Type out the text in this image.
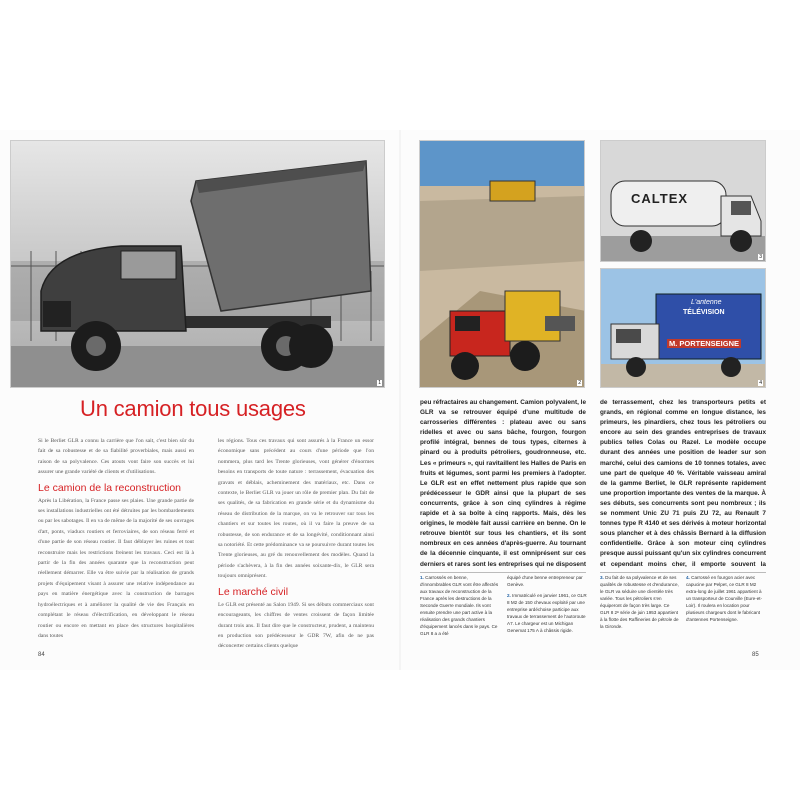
1	2
CALTEX
3
L'antenne
TÉLÉVISION
M. PORTENSEIGNE
4
Un camion tous usages

Si le Berliet GLR a connu la carrière que l'on sait, c'est bien sûr du fait de sa robustesse et de sa fiabilité proverbiales, mais aussi en raison de sa polyvalence. Ces atouts vont faire son succès et lui assurer une grande variété de clients et d'utilisations.

Le camion de la reconstruction

Après la Libération, la France passe ses plaies. Une grande partie de ses installations industrielles ont été détruites par les bombardements ou par les sabotages. Il en va de même de la majorité de ses ouvrages d'art, ponts, viaducs routiers et ferroviaires, de son réseau ferré et d'une partie de son réseau routier. Il faut déblayer les ruines et tout reconstruire mais les restrictions freinent les travaux. Ceci est là à partir de la fin des années quarante que la reconstruction peut réellement démarrer. Elle va être suivie par la réalisation de grands projets d'équipement visant à assurer une relative indépendance au pays en matière énergétique avec la construction de barrages hydroélectriques et à améliorer la qualité de vie des Français en complétant le réseau d'électrification, en développant le réseau routier ou encore en mettant en place des structures hospitalières dans toutes

les régions. Tous ces travaux qui sont assurés à la France un essor économique sans précédent au cours d'une période que l'on nommera, plus tard les Trente glorieuses, vont générer d'énormes besoins en transports de toute nature : terrassement, évacuation des gravats et déblais, acheminement des matériaux, etc. Dans ce contexte, le Berliet GLR va jouer un rôle de premier plan. Du fait de ses qualités, de sa fabrication en grande série et du dynamisme du réseau de distribution de la marque, on va le retrouver sur tous les chantiers et sur toutes les routes, où il va faire la preuve de sa robustesse, de son endurance et de sa longévité, conditionnant ainsi sa notoriété. Et cette prédominance va se poursuivre durant toutes les Trente glorieuses, au gré du renouvellement des modèles. Quand la période s'achèvera, à la fin des années soixante-dix, le GLR sera toujours omniprésent.

Le marché civil

Le GLR est présenté au Salon 1949. Si ses débuts commerciaux sont encourageants, les chiffres de ventes croissent de façon limitée durant trois ans. Il faut dire que le constructeur, prudent, a maintenu en production son prédécesseur le GDR 7W, afin de ne pas déconcerter certains clients quelque

peu réfractaires au changement. Camion polyvalent, le GLR va se retrouver équipé d'une multitude de carrosseries différentes : plateau avec ou sans ridelles et avec ou sans bâche, fourgon, fourgon profilé intégral, bennes de tous types, citernes à pinard ou à produits pétroliers, goudronneuse, etc. Les « primeurs », qui ravitaillent les Halles de Paris en fruits et légumes, sont parmi les premiers à l'adopter. Le GLR est en effet nettement plus rapide que son prédécesseur le GDR ainsi que la plupart de ses concurrents, grâce à son cinq cylindres à régime rapide et à sa boîte à cinq rapports. Mais, dès les origines, le modèle fait aussi carrière en benne. On le retrouve bientôt sur tous les chantiers, et ils sont nombreux en ces années d'après-guerre. Au tournant de la décennie cinquante, il est omniprésent sur ces derniers et rares sont les entreprises qui ne disposent
de terrassement, chez les transporteurs petits et grands, en régional comme en longue distance, les primeurs, les pinardiers, chez tous les pétroliers ou encore au sein des grandes entreprises de travaux publics telles Colas ou Razel. Le modèle occupe durant des années une position de leader sur son marché, celui des camions de 10 tonnes totales, avec une part de quelque 40 %. Véritable vaisseau amiral de la gamme Berliet, le GLR représente rapidement une proportion importante des ventes de la marque. À ses débuts, ses concurrents sont peu nombreux ; ils se nomment Unic ZU 71 puis ZU 72, au Renault 7 tonnes type R 4140 et ses dérivés à moteur horizontal sous plancher et à des châssis Bernard à la diffusion confidentielle. Grâce à son moteur cinq cylindres presque aussi puissant qu'un six cylindres concurrent et cependant moins cher, il emporte souvent la
1. Carrossés en benne, d'innombrables GLR vont être affectés aux travaux de reconstruction de la France après les destructions de la Seconde Guerre mondiale. Ils vont ensuite prendre une part active à la réalisation des grands chantiers d'équipement lancés dans le pays. Ce GLR 8 a a été
équipé d'une benne entrepreneur par Genève.
2. Immatriculé en janvier 1961, ce GLR 8 M2 de 150 chevaux exploité par une entreprise ardéchoise participe aux travaux de terrassement de l'autoroute A7. Le chargeur est un Michigan Genemat 175 A à châssis rigide.
3. Du fait de sa polyvalence et de ses qualités de robustesse et d'endurance, le GLR va séduire une clientèle très variée. Tous les pétroliers s'en équiperont de façon très large. Ce GLR 8 2ᵉ série de juin 1953 appartient à la flotte des Raffineries de pétrole de la Gironde.
4. Carrossé en fourgon acier avec capucine par Pelpet, ce GLR 8 M2 extra-long de juillet 1961 appartient à un transporteur de Courville (Eure-et-Loir). Il roulera en location pour plusieurs chargeurs dont le fabricant d'antennes Portenseigne.
84	85
